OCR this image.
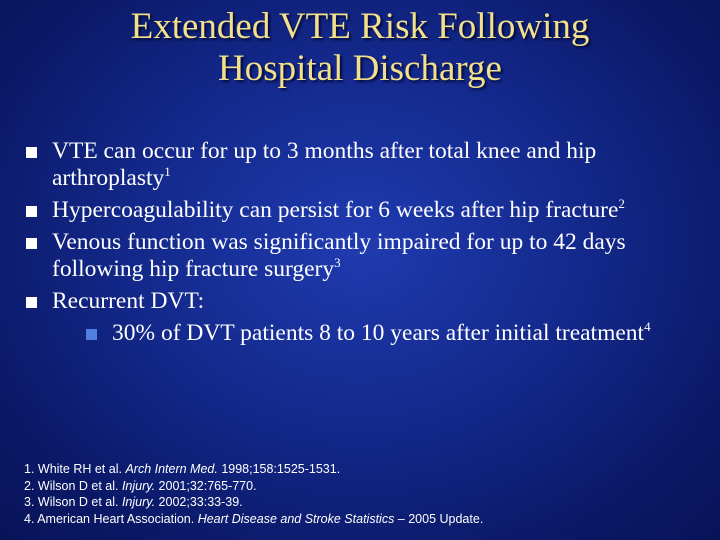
Extended VTE Risk Following
Hospital Discharge
VTE can occur for up to 3 months after total knee and hip arthroplasty$^1$
Hypercoagulability can persist for 6 weeks after hip fracture$^2$
Venous function was significantly impaired for up to 42 days following hip fracture surgery$^3$
Recurrent DVT:
30% of DVT patients 8 to 10 years after initial treatment$^4$
1. White RH et al. Arch Intern Med. 1998;158:1525-1531.
2. Wilson D et al. Injury. 2001;32:765-770.
3. Wilson D et al. Injury. 2002;33:33-39.
4. American Heart Association. Heart Disease and Stroke Statistics – 2005 Update.
